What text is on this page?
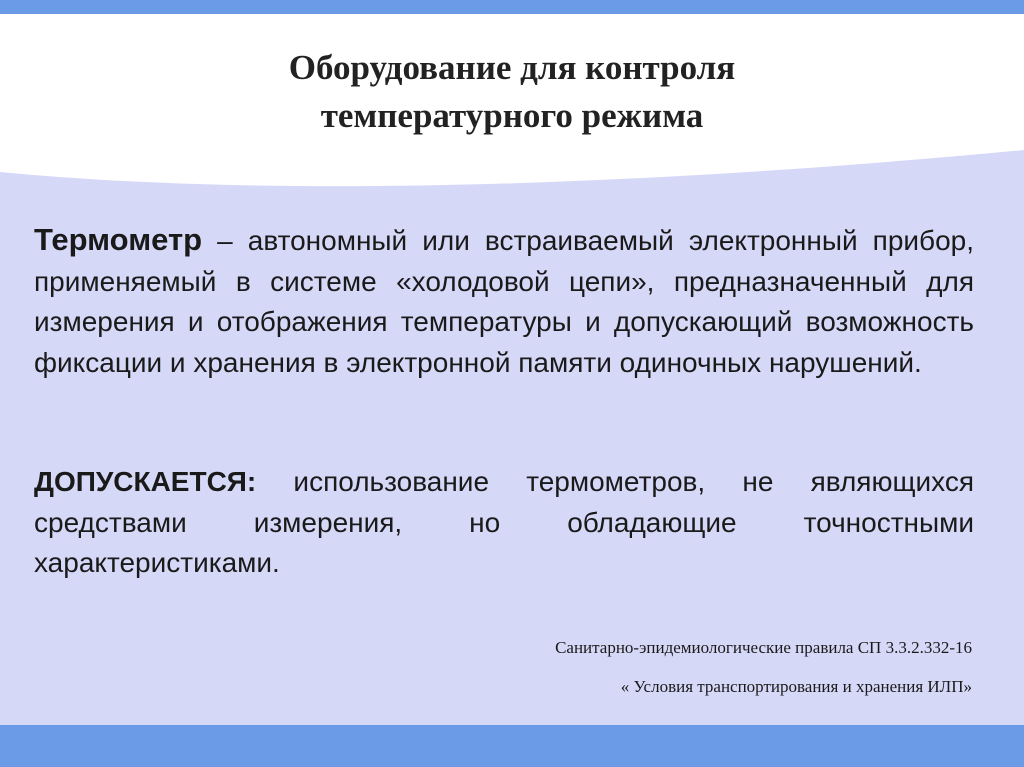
Оборудование для контроля
температурного режима
Термометр – автономный или встраиваемый электронный прибор, применяемый в системе «холодовой цепи», предназначенный для измерения и отображения температуры и допускающий возможность фиксации и хранения в электронной памяти одиночных нарушений.
ДОПУСКАЕТСЯ: использование термометров, не являющихся средствами измерения, но обладающие точностными характеристиками.
Санитарно-эпидемиологические правила СП 3.3.2.332-16
« Условия транспортирования и хранения ИЛП»
